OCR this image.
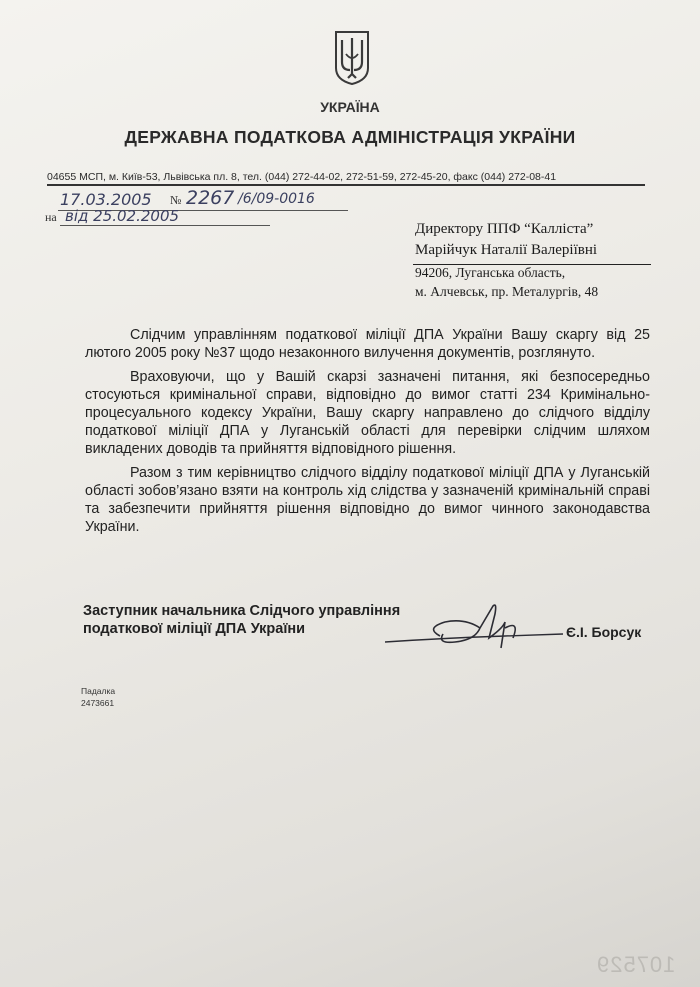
УКРАЇНА
ДЕРЖАВНА ПОДАТКОВА АДМІНІСТРАЦІЯ УКРАЇНИ
04655 МСП, м. Київ-53, Львівська пл. 8, тел. (044) 272-44-02, 272-51-59, 272-45-20, факс (044) 272-08-41
17.03.2005 № 2267 /6/09-0016
на від 25.02.2005
Директору ППФ “Каллiста”
Марiйчук Наталії Валеріївні
94206, Луганська область,
м. Алчевськ, пр. Металургів, 48

Слідчим управлінням податкової міліції ДПА України Вашу скаргу від 25 лютого 2005 року №37 щодо незаконного вилучення документів, розглянуто.

Враховуючи, що у Вашій скарзі зазначені питання, які безпосередньо стосуються кримінальної справи, відповідно до вимог статті 234 Кримінально-процесуального кодексу України, Вашу скаргу направлено до слідчого відділу податкової міліції ДПА у Луганській області для перевірки слідчим шляхом викладених доводів та прийняття відповідного рішення.

Разом з тим керівництво слідчого відділу податкової міліції ДПА у Луганській області зобов’язано взяти на контроль хід слідства у зазначеній кримінальній справі та забезпечити прийняття рішення відповідно до вимог чинного законодавства України.

Заступник начальника Слідчого управління
податкової міліції ДПА України	Є.І. Борсук
Падалка
2473661
107529
